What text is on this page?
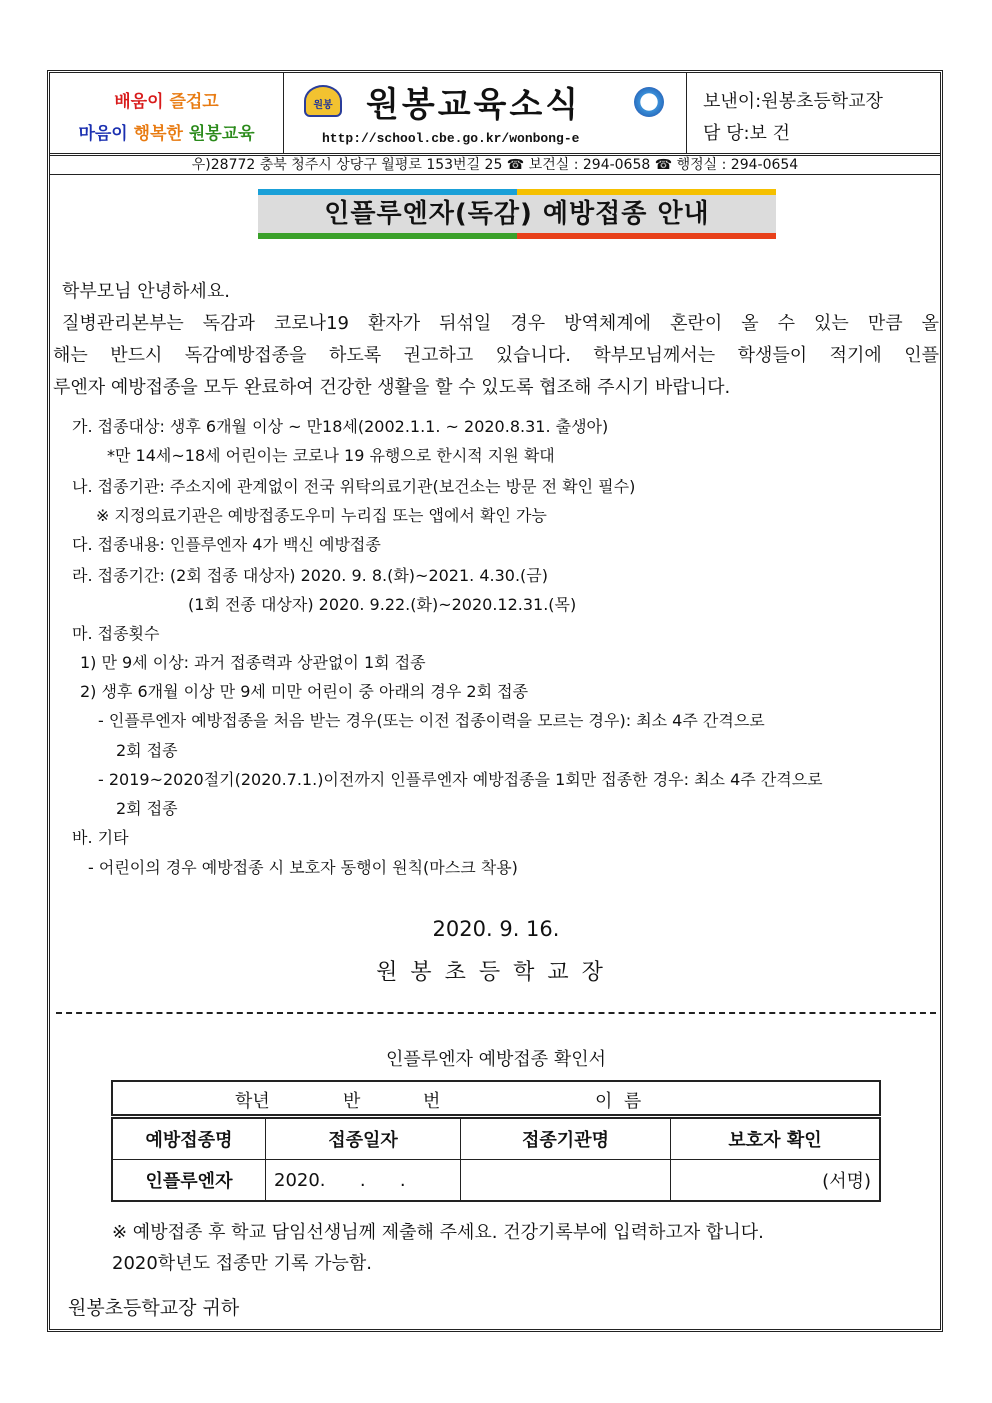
배움이 즐겁고
마음이 행복한 원봉교육
원봉 원봉교육소식
http://school.cbe.go.kr/wonbong-e
보낸이:원봉초등학교장
담 당:보 건
우)28772 충북 청주시 상당구 월평로 153번길 25 ☎ 보건실 : 294-0658 ☎ 행정실 : 294-0654
인플루엔자(독감) 예방접종 안내
학부모님 안녕하세요.
질병관리본부는 독감과 코로나19 환자가 뒤섞일 경우 방역체계에 혼란이 올 수 있는 만큼 올
해는 반드시 독감예방접종을 하도록 권고하고 있습니다. 학부모님께서는 학생들이 적기에 인플
루엔자 예방접종을 모두 완료하여 건강한 생활을 할 수 있도록 협조해 주시기 바랍니다.
가. 접종대상: 생후 6개월 이상 ~ 만18세(2002.1.1. ~ 2020.8.31. 출생아)
*만 14세~18세 어린이는 코로나 19 유행으로 한시적 지원 확대
나. 접종기관: 주소지에 관계없이 전국 위탁의료기관(보건소는 방문 전 확인 필수)
※ 지정의료기관은 예방접종도우미 누리집 또는 앱에서 확인 가능
다. 접종내용: 인플루엔자 4가 백신 예방접종
라. 접종기간: (2회 접종 대상자) 2020. 9. 8.(화)~2021. 4.30.(금)
(1회 전종 대상자) 2020. 9.22.(화)~2020.12.31.(목)
마. 접종횟수
1) 만 9세 이상: 과거 접종력과 상관없이 1회 접종
2) 생후 6개월 이상 만 9세 미만 어린이 중 아래의 경우 2회 접종
- 인플루엔자 예방접종을 처음 받는 경우(또는 이전 접종이력을 모르는 경우): 최소 4주 간격으로
2회 접종
- 2019~2020절기(2020.7.1.)이전까지 인플루엔자 예방접종을 1회만 접종한 경우: 최소 4주 간격으로
2회 접종
바. 기타
- 어린이의 경우 예방접종 시 보호자 동행이 원칙(마스크 착용)
2020. 9. 16.
원봉초등학교장
인플루엔자 예방접종 확인서
학년	반	번	이  름
예방접종명	접종일자	접종기관명	보호자 확인
인플루엔자	2020.      .      .		(서명)
※ 예방접종 후 학교 담임선생님께 제출해 주세요. 건강기록부에 입력하고자 합니다.
2020학년도 접종만 기록 가능함.
원봉초등학교장 귀하
